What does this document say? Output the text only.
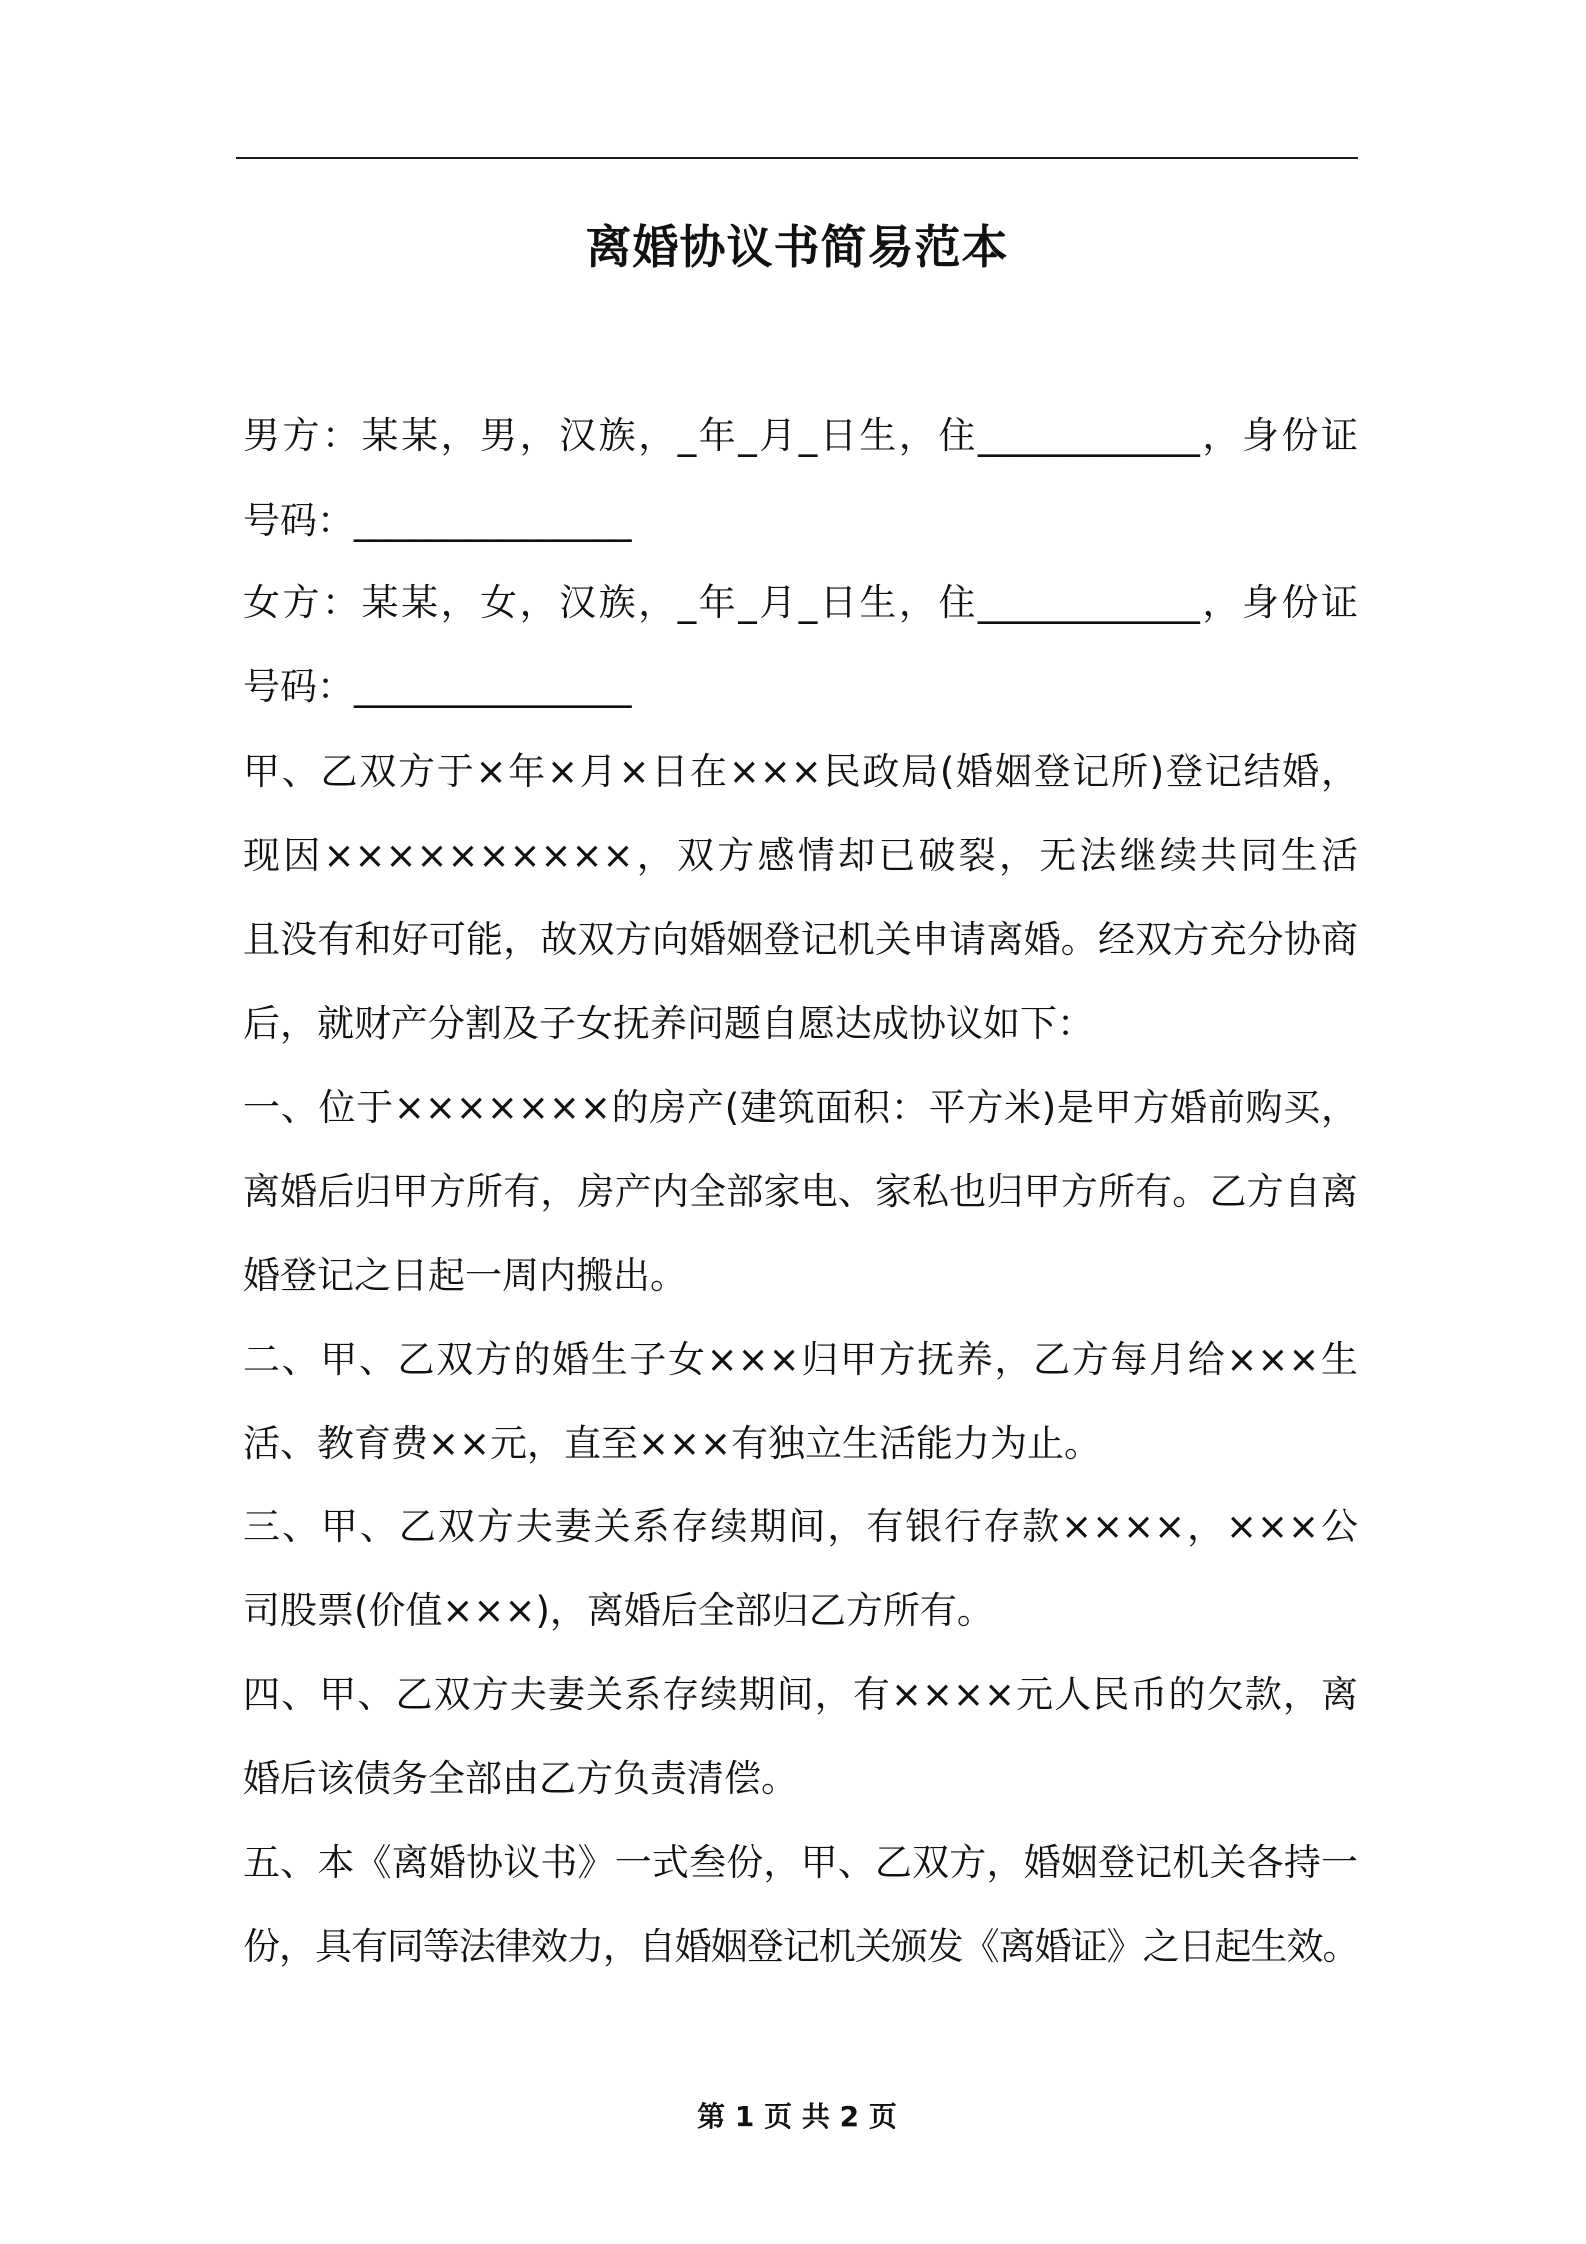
离婚协议书简易范本
男方：某某，男，汉族，_年_月_日生，住____________，身份证
号码：_______________
女方：某某，女，汉族，_年_月_日生，住____________，身份证
号码：_______________
甲、乙双方于×年×月×日在×××民政局(婚姻登记所)登记结婚，
现因××××××××××，双方感情却已破裂，无法继续共同生活
且没有和好可能，故双方向婚姻登记机关申请离婚。经双方充分协商
后，就财产分割及子女抚养问题自愿达成协议如下：
一、位于×××××××的房产(建筑面积：平方米)是甲方婚前购买，
离婚后归甲方所有，房产内全部家电、家私也归甲方所有。乙方自离
婚登记之日起一周内搬出。
二、甲、乙双方的婚生子女×××归甲方抚养，乙方每月给×××生
活、教育费××元，直至×××有独立生活能力为止。
三、甲、乙双方夫妻关系存续期间，有银行存款××××，×××公
司股票(价值×××)，离婚后全部归乙方所有。
四、甲、乙双方夫妻关系存续期间，有××××元人民币的欠款，离
婚后该债务全部由乙方负责清偿。
五、本《离婚协议书》一式叁份，甲、乙双方，婚姻登记机关各持一
份，具有同等法律效力，自婚姻登记机关颁发《离婚证》之日起生效。
第 1 页 共 2 页
